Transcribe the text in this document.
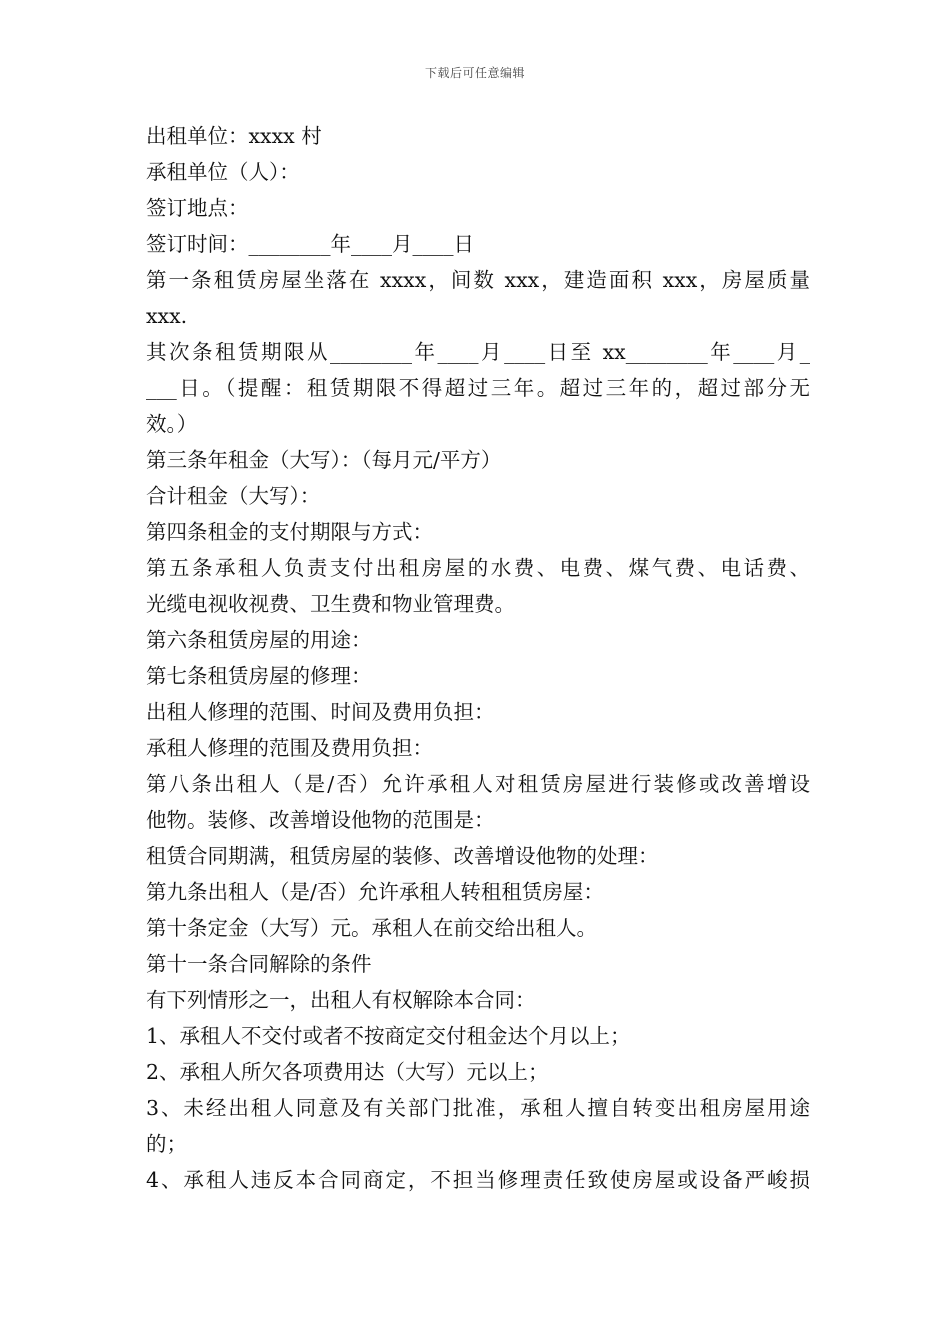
下载后可任意编辑
出租单位：xxxx 村
承租单位（人）：
签订地点：
签订时间：________年____月____日
第一条租赁房屋坐落在 xxxx，间数 xxx，建造面积 xxx，房屋质量
xxx.
其次条租赁期限从________年____月____日至 xx________年____月_
___日。（提醒：租赁期限不得超过三年。超过三年的，超过部分无
效。）
第三条年租金（大写）：（每月元/平方）
合计租金（大写）：
第四条租金的支付期限与方式：
第五条承租人负责支付出租房屋的水费、电费、煤气费、电话费、
光缆电视收视费、卫生费和物业管理费。
第六条租赁房屋的用途：
第七条租赁房屋的修理：
出租人修理的范围、时间及费用负担：
承租人修理的范围及费用负担：
第八条出租人（是/否）允许承租人对租赁房屋进行装修或改善增设
他物。装修、改善增设他物的范围是：
租赁合同期满，租赁房屋的装修、改善增设他物的处理：
第九条出租人（是/否）允许承租人转租租赁房屋：
第十条定金（大写）元。承租人在前交给出租人。
第十一条合同解除的条件
有下列情形之一，出租人有权解除本合同：
1、承租人不交付或者不按商定交付租金达个月以上；
2、承租人所欠各项费用达（大写）元以上；
3、未经出租人同意及有关部门批准，承租人擅自转变出租房屋用途
的；
4、承租人违反本合同商定，不担当修理责任致使房屋或设备严峻损
